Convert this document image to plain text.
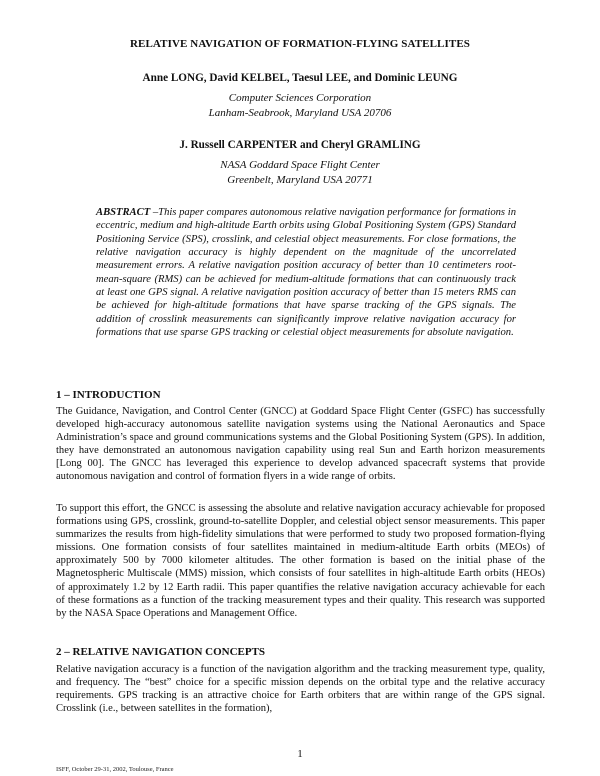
RELATIVE NAVIGATION OF FORMATION-FLYING SATELLITES
Anne LONG, David KELBEL, Taesul LEE, and Dominic LEUNG
Computer Sciences Corporation
Lanham-Seabrook, Maryland USA 20706
J. Russell CARPENTER and Cheryl GRAMLING
NASA Goddard Space Flight Center
Greenbelt, Maryland USA 20771

ABSTRACT –This paper compares autonomous relative navigation performance for formations in eccentric, medium and high-altitude Earth orbits using Global Positioning System (GPS) Standard Positioning Service (SPS), crosslink, and celestial object measurements. For close formations, the relative navigation accuracy is highly dependent on the magnitude of the uncorrelated measurement errors. A relative navigation position accuracy of better than 10 centimeters root-mean-square (RMS) can be achieved for medium-altitude formations that can continuously track at least one GPS signal. A relative navigation position accuracy of better than 15 meters RMS can be achieved for high-altitude formations that have sparse tracking of the GPS signals. The addition of crosslink measurements can significantly improve relative navigation accuracy for formations that use sparse GPS tracking or celestial object measurements for absolute navigation.

1 – INTRODUCTION

The Guidance, Navigation, and Control Center (GNCC) at Goddard Space Flight Center (GSFC) has successfully developed high-accuracy autonomous satellite navigation systems using the National Aeronautics and Space Administration’s space and ground communications systems and the Global Positioning System (GPS). In addition, they have demonstrated an autonomous navigation capability using real Sun and Earth horizon measurements [Long 00]. The GNCC has leveraged this experience to develop advanced spacecraft systems that provide autonomous navigation and control of formation flyers in a wide range of orbits.

To support this effort, the GNCC is assessing the absolute and relative navigation accuracy achievable for proposed formations using GPS, crosslink, ground-to-satellite Doppler, and celestial object sensor measurements. This paper summarizes the results from high-fidelity simulations that were performed to study two proposed formation-flying missions. One formation consists of four satellites maintained in medium-altitude Earth orbits (MEOs) of approximately 500 by 7000 kilometer altitudes. The other formation is based on the initial phase of the Magnetospheric Multiscale (MMS) mission, which consists of four satellites in high-altitude Earth orbits (HEOs) of approximately 1.2 by 12 Earth radii. This paper quantifies the relative navigation accuracy achievable for each of these formations as a function of the tracking measurement types and their quality. This research was supported by the NASA Space Operations and Management Office.

2 – RELATIVE NAVIGATION CONCEPTS

Relative navigation accuracy is a function of the navigation algorithm and the tracking measurement type, quality, and frequency. The “best” choice for a specific mission depends on the orbital type and the relative accuracy requirements. GPS tracking is an attractive choice for Earth orbiters that are within range of the GPS signal. Crosslink (i.e., between satellites in the formation),

1
ISFF, October 29-31, 2002, Toulouse, France
